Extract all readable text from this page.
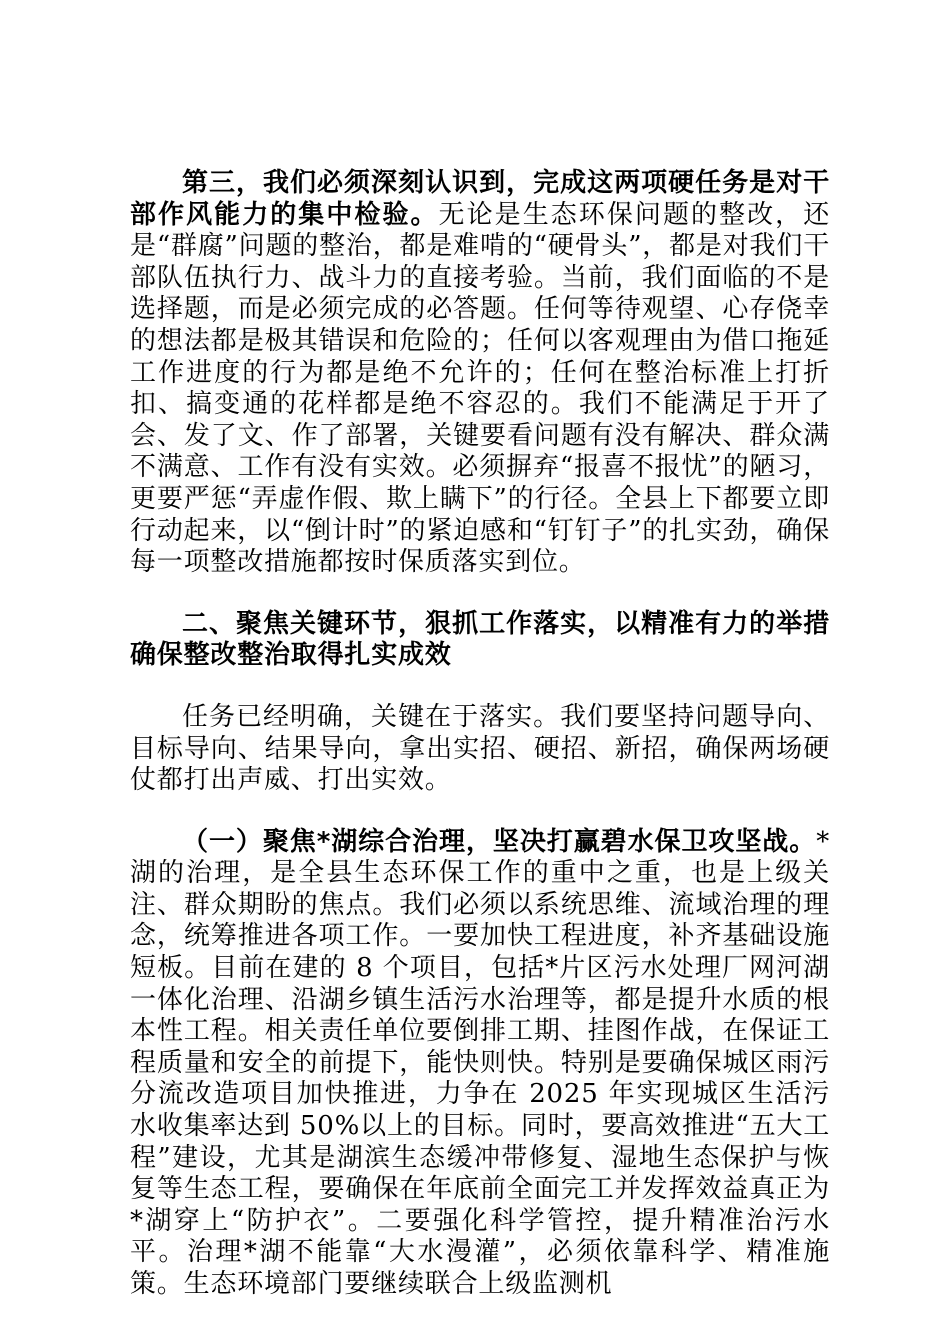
第三，我们必须深刻认识到，完成这两项硬任务是对干部作风能力的集中检验。无论是生态环保问题的整改，还是“群腐”问题的整治，都是难啃的“硬骨头”，都是对我们干部队伍执行力、战斗力的直接考验。当前，我们面临的不是选择题，而是必须完成的必答题。任何等待观望、心存侥幸的想法都是极其错误和危险的；任何以客观理由为借口拖延工作进度的行为都是绝不允许的；任何在整治标准上打折扣、搞变通的花样都是绝不容忍的。我们不能满足于开了会、发了文、作了部署，关键要看问题有没有解决、群众满不满意、工作有没有实效。必须摒弃“报喜不报忧”的陋习，更要严惩“弄虚作假、欺上瞒下”的行径。全县上下都要立即行动起来，以“倒计时”的紧迫感和“钉钉子”的扎实劲，确保每一项整改措施都按时保质落实到位。

二、聚焦关键环节，狠抓工作落实，以精准有力的举措确保整改整治取得扎实成效

任务已经明确，关键在于落实。我们要坚持问题导向、目标导向、结果导向，拿出实招、硬招、新招，确保两场硬仗都打出声威、打出实效。

（一）聚焦*湖综合治理，坚决打赢碧水保卫攻坚战。*湖的治理，是全县生态环保工作的重中之重，也是上级关注、群众期盼的焦点。我们必须以系统思维、流域治理的理念，统筹推进各项工作。一要加快工程进度，补齐基础设施短板。目前在建的 8 个项目，包括*片区污水处理厂网河湖一体化治理、沿湖乡镇生活污水治理等，都是提升水质的根本性工程。相关责任单位要倒排工期、挂图作战，在保证工程质量和安全的前提下，能快则快。特别是要确保城区雨污分流改造项目加快推进，力争在 2025 年实现城区生活污水收集率达到 50%以上的目标。同时，要高效推进“五大工程”建设，尤其是湖滨生态缓冲带修复、湿地生态保护与恢复等生态工程，要确保在年底前全面完工并发挥效益真正为*湖穿上“防护衣”。二要强化科学管控，提升精准治污水平。治理*湖不能靠“大水漫灌”，必须依靠科学、精准施策。生态环境部门要继续联合上级监测机
